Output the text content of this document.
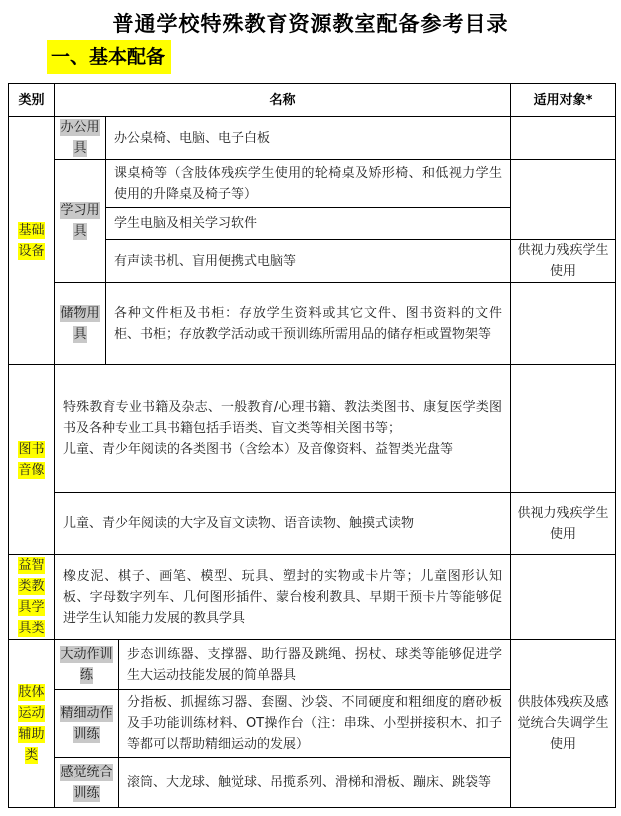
普通学校特殊教育资源教室配备参考目录
一、基本配备
类别	名称			适用对象*
基础设备	办公用具	办公桌椅、电脑、电子白板		
	学习用具	课桌椅等（含肢体残疾学生使用的轮椅桌及矫形椅、和低视力学生使用的升降桌及椅子等）		
		学生电脑及相关学习软件		
		有声读书机、盲用便携式电脑等		供视力残疾学生使用
	储物用具	各种文件柜及书柜：存放学生资料或其它文件、图书资料的文件柜、书柜；存放教学活动或干预训练所需用品的储存柜或置物架等		
图书音像	特殊教育专业书籍及杂志、一般教育/心理书籍、教法类图书、康复医学类图书及各种专业工具书籍包括手语类、盲文类等相关图书等；
儿童、青少年阅读的各类图书（含绘本）及音像资料、益智类光盘等			

	儿童、青少年阅读的大字及盲文读物、语音读物、触摸式读物			供视力残疾学生使用
益智类教具学具类	橡皮泥、棋子、画笔、模型、玩具、塑封的实物或卡片等；儿童图形认知板、字母数字列车、几何图形插件、蒙台梭利教具、早期干预卡片等能够促进学生认知能力发展的教具学具			
肢体运动辅助类	大动作训练		步态训练器、支撑器、助行器及跳绳、拐杖、球类等能够促进学生大运动技能发展的简单器具	供肢体残疾及感觉统合失调学生使用
	精细动作训练		分指板、抓握练习器、套圈、沙袋、不同硬度和粗细度的磨砂板及手功能训练材料、OT操作台（注：串珠、小型拼接积木、扣子等都可以帮助精细运动的发展）	
	感觉统合训练		滚筒、大龙球、触觉球、吊揽系列、滑梯和滑板、蹦床、跳袋等	
